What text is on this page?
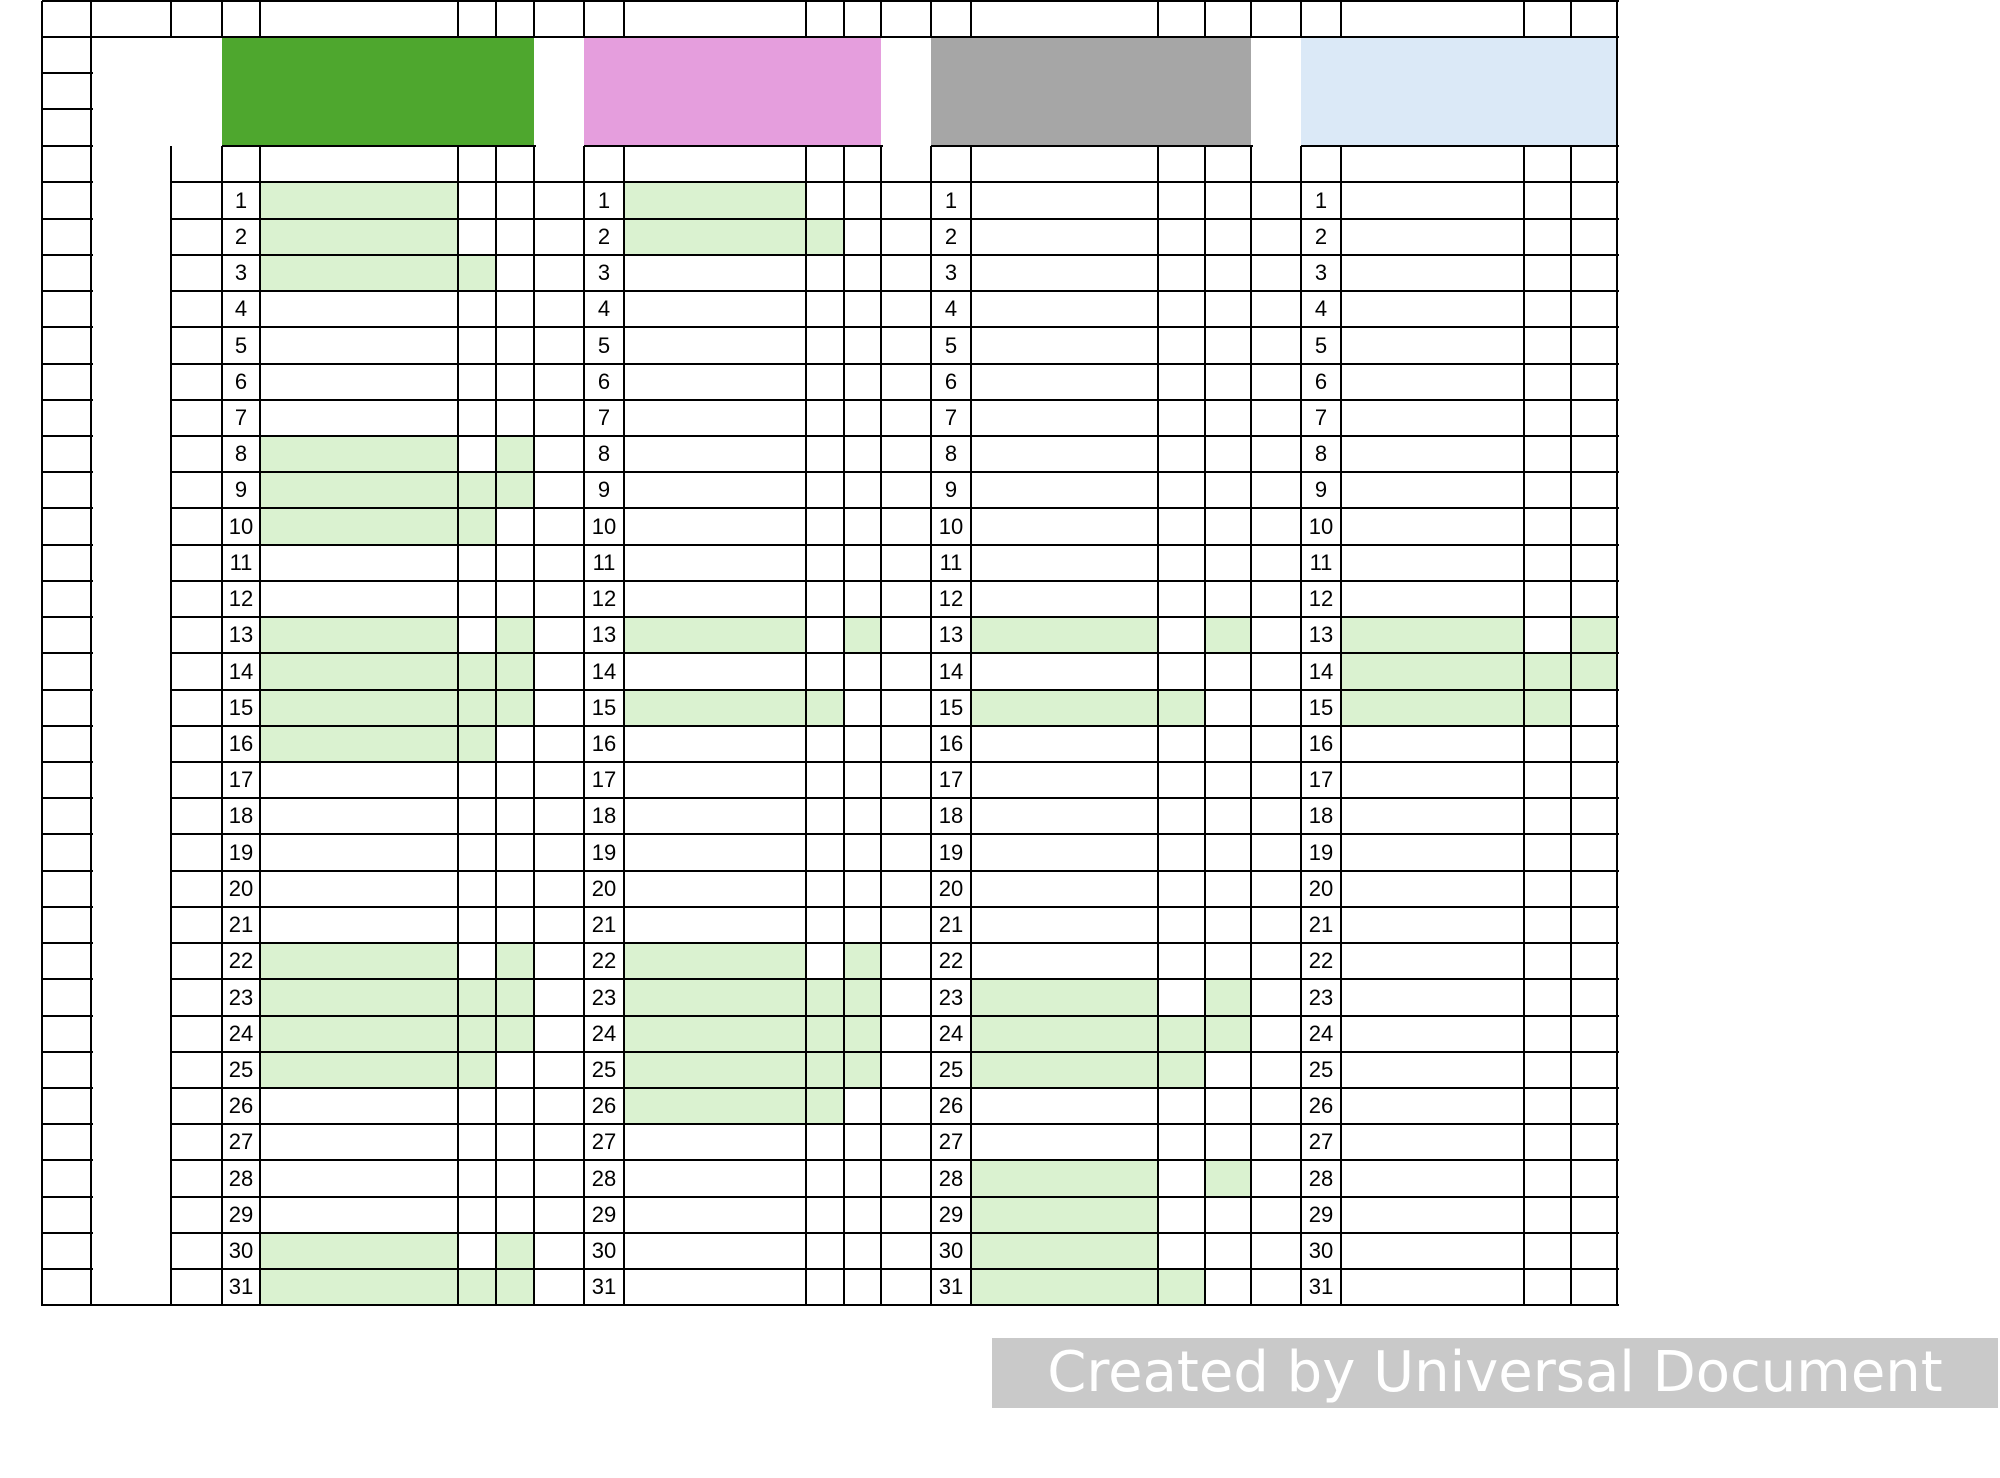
1
2
3
4
5
6
7
8
9
10
11
12
13
14
15
16
17
18
19
20
21
22
23
24
25
26
27
28
29
30
31
1
2
3
4
5
6
7
8
9
10
11
12
13
14
15
16
17
18
19
20
21
22
23
24
25
26
27
28
29
30
31
1
2
3
4
5
6
7
8
9
10
11
12
13
14
15
16
17
18
19
20
21
22
23
24
25
26
27
28
29
30
31
1
2
3
4
5
6
7
8
9
10
11
12
13
14
15
16
17
18
19
20
21
22
23
24
25
26
27
28
29
30
31
Created by Universal Document Converter
